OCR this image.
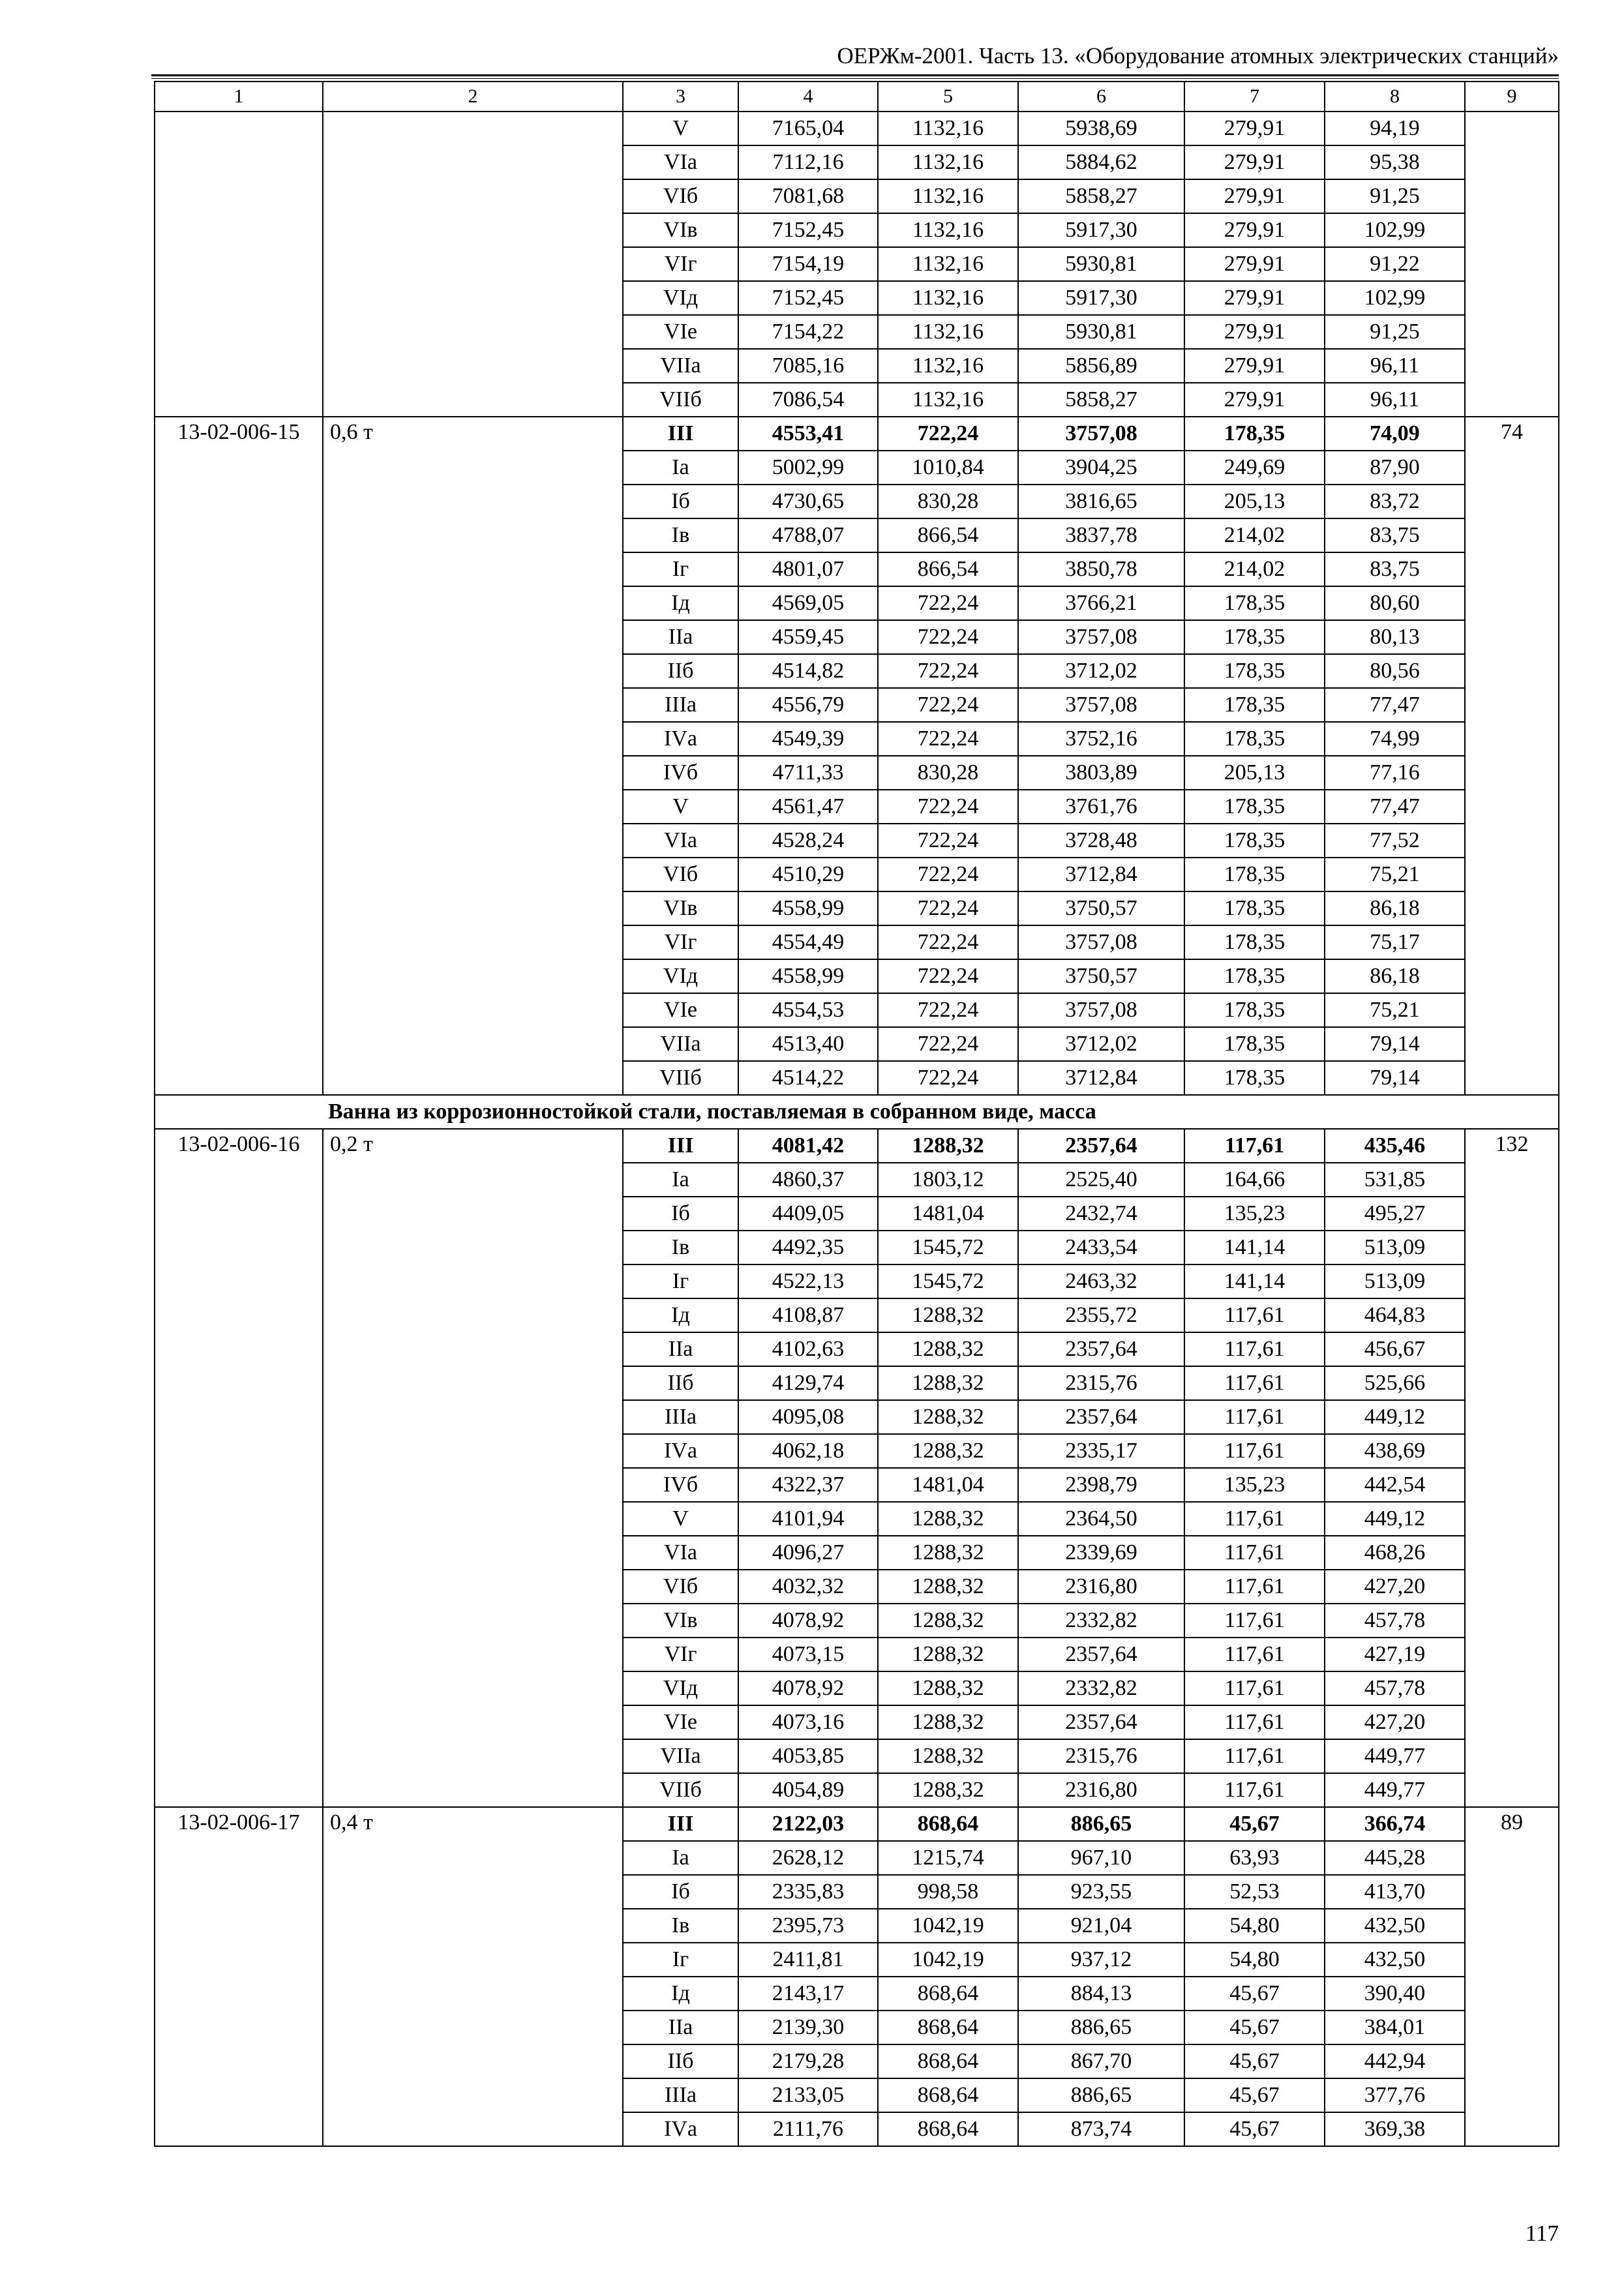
ОЕРЖм-2001. Часть 13. «Оборудование атомных электрических станций»
1	2	3	4	5	6	7	8	9
		V	7165,04	1132,16	5938,69	279,91	94,19	
		VIа	7112,16	1132,16	5884,62	279,91	95,38	
		VIб	7081,68	1132,16	5858,27	279,91	91,25	
		VIв	7152,45	1132,16	5917,30	279,91	102,99	
		VIг	7154,19	1132,16	5930,81	279,91	91,22	
		VIд	7152,45	1132,16	5917,30	279,91	102,99	
		VIе	7154,22	1132,16	5930,81	279,91	91,25	
		VIIа	7085,16	1132,16	5856,89	279,91	96,11	
		VIIб	7086,54	1132,16	5858,27	279,91	96,11	
13-02-006-15	0,6 т	III	4553,41	722,24	3757,08	178,35	74,09	74
		Iа	5002,99	1010,84	3904,25	249,69	87,90	
		Iб	4730,65	830,28	3816,65	205,13	83,72	
		Iв	4788,07	866,54	3837,78	214,02	83,75	
		Iг	4801,07	866,54	3850,78	214,02	83,75	
		Iд	4569,05	722,24	3766,21	178,35	80,60	
		IIа	4559,45	722,24	3757,08	178,35	80,13	
		IIб	4514,82	722,24	3712,02	178,35	80,56	
		IIIа	4556,79	722,24	3757,08	178,35	77,47	
		IVа	4549,39	722,24	3752,16	178,35	74,99	
		IVб	4711,33	830,28	3803,89	205,13	77,16	
		V	4561,47	722,24	3761,76	178,35	77,47	
		VIа	4528,24	722,24	3728,48	178,35	77,52	
		VIб	4510,29	722,24	3712,84	178,35	75,21	
		VIв	4558,99	722,24	3750,57	178,35	86,18	
		VIг	4554,49	722,24	3757,08	178,35	75,17	
		VIд	4558,99	722,24	3750,57	178,35	86,18	
		VIе	4554,53	722,24	3757,08	178,35	75,21	
		VIIа	4513,40	722,24	3712,02	178,35	79,14	
		VIIб	4514,22	722,24	3712,84	178,35	79,14	
Ванна из коррозионностойкой стали, поставляемая в собранном виде, масса								
13-02-006-16	0,2 т	III	4081,42	1288,32	2357,64	117,61	435,46	132
		Iа	4860,37	1803,12	2525,40	164,66	531,85	
		Iб	4409,05	1481,04	2432,74	135,23	495,27	
		Iв	4492,35	1545,72	2433,54	141,14	513,09	
		Iг	4522,13	1545,72	2463,32	141,14	513,09	
		Iд	4108,87	1288,32	2355,72	117,61	464,83	
		IIа	4102,63	1288,32	2357,64	117,61	456,67	
		IIб	4129,74	1288,32	2315,76	117,61	525,66	
		IIIа	4095,08	1288,32	2357,64	117,61	449,12	
		IVа	4062,18	1288,32	2335,17	117,61	438,69	
		IVб	4322,37	1481,04	2398,79	135,23	442,54	
		V	4101,94	1288,32	2364,50	117,61	449,12	
		VIа	4096,27	1288,32	2339,69	117,61	468,26	
		VIб	4032,32	1288,32	2316,80	117,61	427,20	
		VIв	4078,92	1288,32	2332,82	117,61	457,78	
		VIг	4073,15	1288,32	2357,64	117,61	427,19	
		VIд	4078,92	1288,32	2332,82	117,61	457,78	
		VIе	4073,16	1288,32	2357,64	117,61	427,20	
		VIIа	4053,85	1288,32	2315,76	117,61	449,77	
		VIIб	4054,89	1288,32	2316,80	117,61	449,77	
13-02-006-17	0,4 т	III	2122,03	868,64	886,65	45,67	366,74	89
		Iа	2628,12	1215,74	967,10	63,93	445,28	
		Iб	2335,83	998,58	923,55	52,53	413,70	
		Iв	2395,73	1042,19	921,04	54,80	432,50	
		Iг	2411,81	1042,19	937,12	54,80	432,50	
		Iд	2143,17	868,64	884,13	45,67	390,40	
		IIа	2139,30	868,64	886,65	45,67	384,01	
		IIб	2179,28	868,64	867,70	45,67	442,94	
		IIIа	2133,05	868,64	886,65	45,67	377,76	
		IVа	2111,76	868,64	873,74	45,67	369,38	
117
